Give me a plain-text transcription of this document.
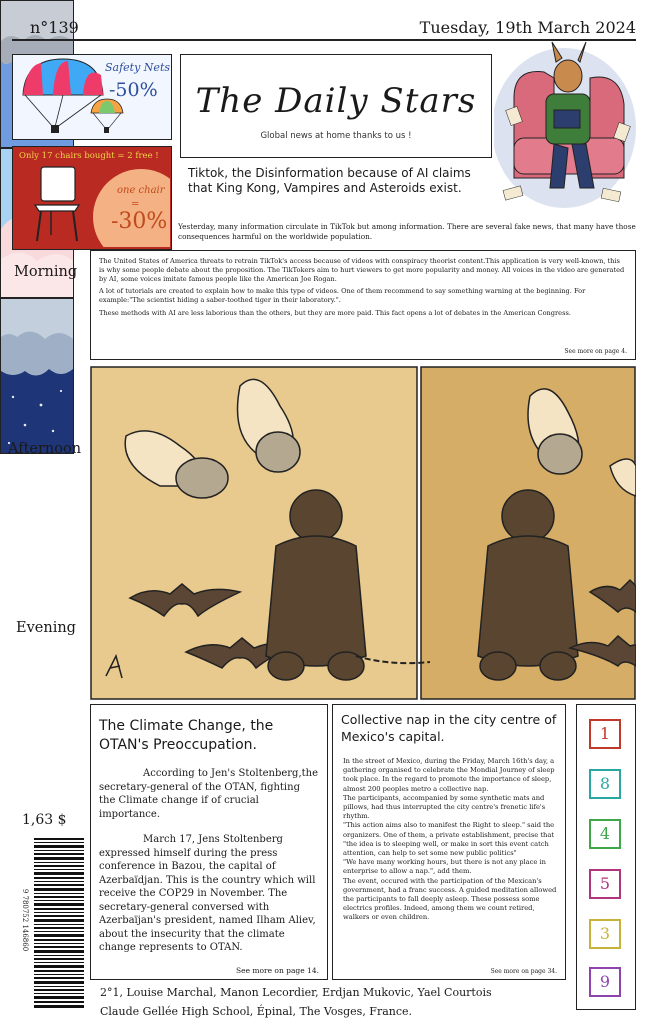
n°139	Tuesday, 19th March 2024
Safety Nets
-50%
Only 17 chairs bought = 2 free !
one chair
=
-30%
The Daily Stars
Global news at home thanks to us !
Tiktok, the Disinformation because of AI claims that King Kong, Vampires and Asteroids exist.
Yesterday, many information circulate in TikTok but among information. There are several fake news, that many have those consequences harmful on the worldwide population.

The United States of America threats to retrain TikTok's access because of videos with conspiracy theorist content.This application is very well-known, this is why some people debate about the proposition. The TikTokers aim to hurt viewers to get more popularity and money. All voices in the video are generated by AI, some voices imitate famous people like the American Joe Rogan.

A lot of tutorials are created to explain how to make this type of videos. One of them recommend to say something warning at the beginning. For example:"The scientist hiding a saber-toothed tiger in their laboratory.".

These methods with AI are less laborious than the others, but they are more paid. This fact opens a lot of debates in the American Congress.

See more on page 4.
Morning
Afternoon
Evening
The Climate Change, the OTAN's Preoccupation.

According to Jen's Stoltenberg,the secretary-general of the OTAN, fighting the Climate change if of crucial importance.

March 17, Jens Stoltenberg expressed himself during the press conference in Bazou, the capital of Azerbaïdjan. This is the country which will receive the COP29 in November. The secretary-general conversed with Azerbaïjan's president, named Ilham Aliev, about the insecurity that the climate change represents to OTAN.

See more on page 14.
Collective nap in the city centre of Mexico's capital.

In the street of Mexico, during the Friday, March 16th's day, a gathering organised to celebrate the Mondial Journey of sleep took place. In the regard to promote the importance of sleep, almost 200 peoples metro a collective nap.

The participants, accompanied by some synthetic mats and pillows, had thus interrupted the city centre's frenetic life's rhythm.

"This action aims also to manifest the Right to sleep." said the organizers. One of them, a private establishment, precise that "the idea is to sleeping well, or make in sort this event catch attention, can help to set some new public politics"

"We have many working hours, but there is not any place in enterprise to allow a nap.", add them.

The event, occured with the participation of the Mexican's government, had a franc success. A guided meditation allowed the participants to fall deeply asleep. These possess some electrics profiles. Indeed, among them we count retired, walkers or even children.

See more on page 34.
1
8
4
5
3
9
1,63 $
9 780752 146860
2°1, Louise Marchal, Manon Lecordier, Erdjan Mukovic, Yael Courtois
Claude Gellée High School, Épinal, The Vosges, France.
